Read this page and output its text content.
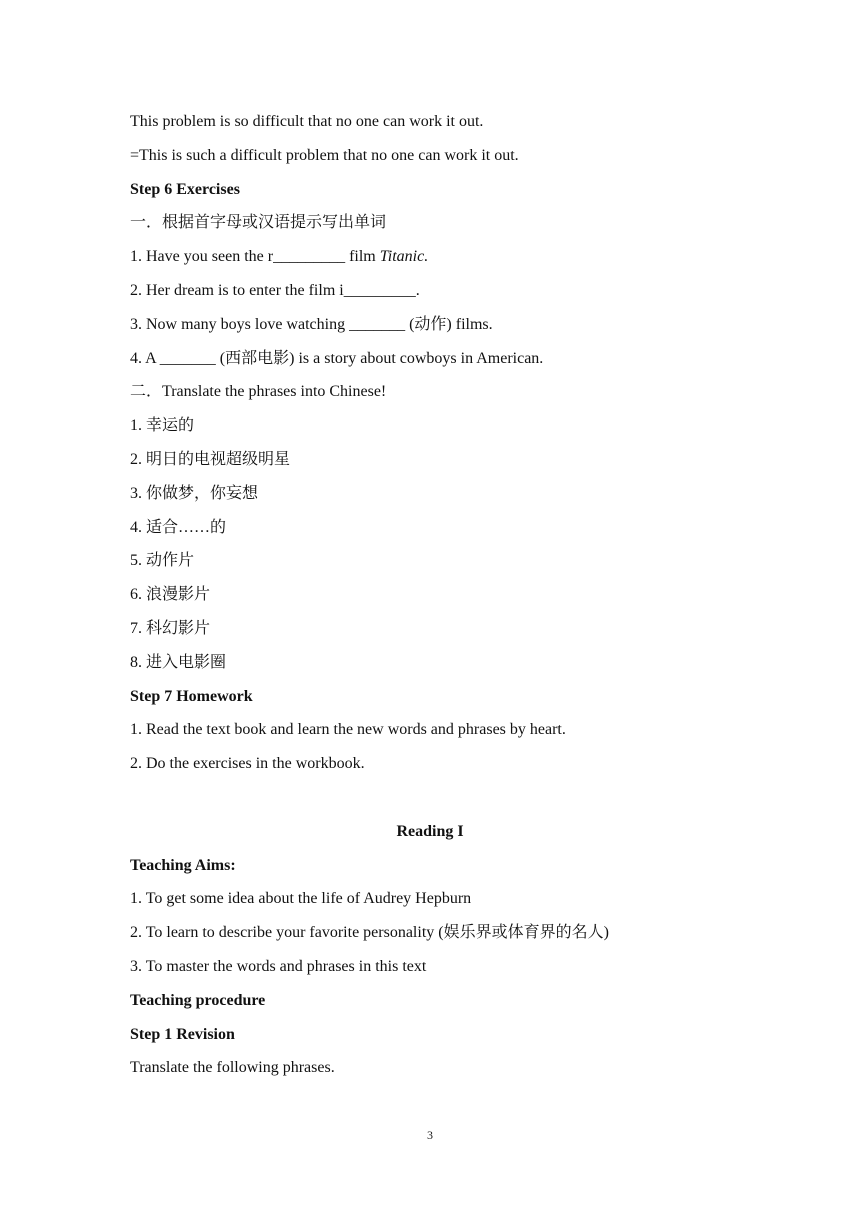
This problem is so difficult that no one can work it out.
=This is such a difficult problem that no one can work it out.
Step 6 Exercises
一．根据首字母或汉语提示写出单词
1. Have you seen the r_________ film Titanic.
2. Her dream is to enter the film i_________.
3. Now many boys love watching _______ (动作) films.
4. A _______ (西部电影) is a story about cowboys in American.
二．Translate the phrases into Chinese!
1. 幸运的
2. 明日的电视超级明星
3. 你做梦，你妄想
4. 适合……的
5. 动作片
6. 浪漫影片
7. 科幻影片
8. 进入电影圈
Step 7 Homework
1. Read the text book and learn the new words and phrases by heart.
2. Do the exercises in the workbook.
Reading I
Teaching Aims:
1. To get some idea about the life of Audrey Hepburn
2. To learn to describe your favorite personality (娱乐界或体育界的名人)
3. To master the words and phrases in this text
Teaching procedure
Step 1 Revision
Translate the following phrases.
3
